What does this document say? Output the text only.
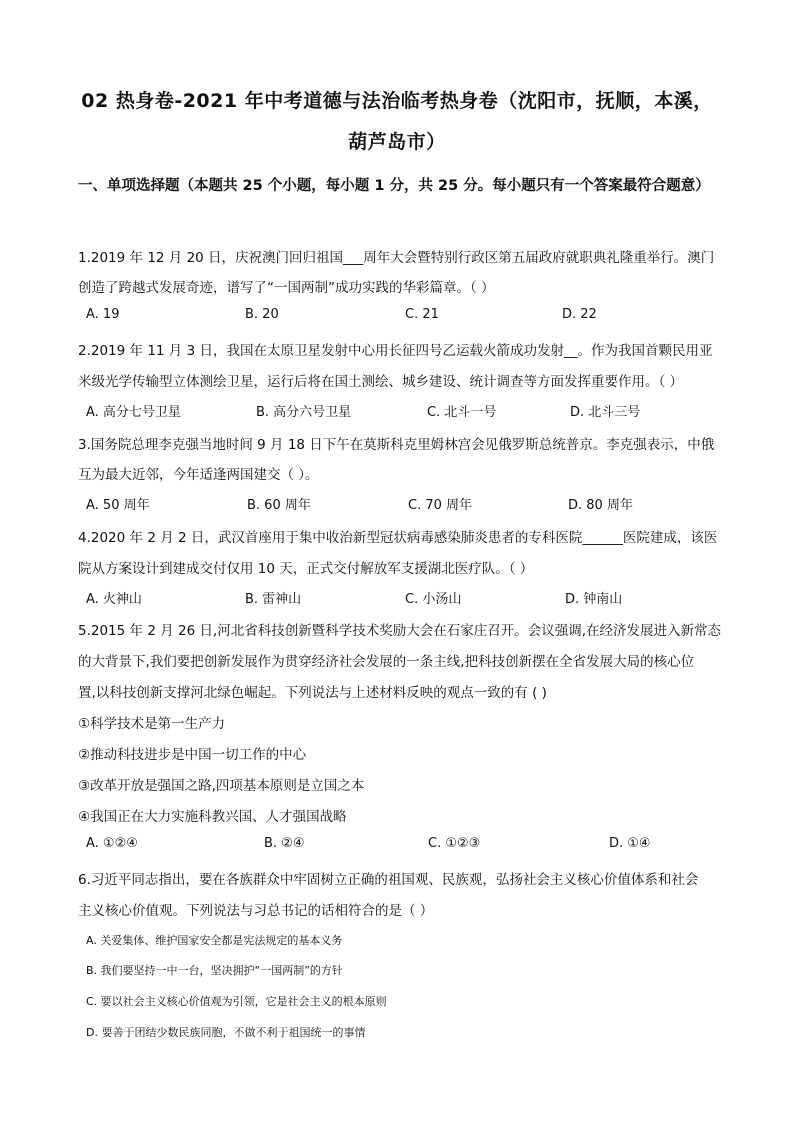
02 热身卷-2021 年中考道德与法治临考热身卷（沈阳市，抚顺，本溪，
葫芦岛市）
一、单项选择题（本题共 25 个小题，每小题 1 分，共 25 分。每小题只有一个答案最符合题意）
1.2019 年 12 月 20 日，庆祝澳门回归祖国___周年大会暨特别行政区第五届政府就职典礼隆重举行。澳门
创造了跨越式发展奇迹，谱写了“一国两制”成功实践的华彩篇章。（ ）
A. 19	B. 20	C. 21	D. 22
2.2019 年 11 月 3 日，我国在太原卫星发射中心用长征四号乙运载火箭成功发射__。作为我国首颗民用亚
米级光学传输型立体测绘卫星，运行后将在国土测绘、城乡建设、统计调查等方面发挥重要作用。（ ）
A. 高分七号卫星	B. 高分六号卫星	C. 北斗一号	D. 北斗三号
3.国务院总理李克强当地时间 9 月 18 日下午在莫斯科克里姆林宫会见俄罗斯总统普京。李克强表示，中俄
互为最大近邻，今年适逢两国建交（ ）。
A. 50 周年	B. 60 周年	C. 70 周年	D. 80 周年
4.2020 年 2 月 2 日，武汉首座用于集中收治新型冠状病毒感染肺炎患者的专科医院______医院建成，该医
院从方案设计到建成交付仅用 10 天，正式交付解放军支援湖北医疗队。（ ）
A. 火神山	B. 雷神山	C. 小汤山	D. 钟南山
5.2015 年 2 月 26 日,河北省科技创新暨科学技术奖励大会在石家庄召开。会议强调,在经济发展进入新常态
的大背景下,我们要把创新发展作为贯穿经济社会发展的一条主线,把科技创新摆在全省发展大局的核心位
置,以科技创新支撑河北绿色崛起。下列说法与上述材料反映的观点一致的有 ( )
①科学技术是第一生产力
②推动科技进步是中国一切工作的中心
③改革开放是强国之路,四项基本原则是立国之本
④我国正在大力实施科教兴国、人才强国战略
A. ①②④	B. ②④	C. ①②③	D. ①④
6.习近平同志指出，要在各族群众中牢固树立正确的祖国观、民族观，弘扬社会主义核心价值体系和社会
主义核心价值观。下列说法与习总书记的话相符合的是（ ）
A. 关爱集体、维护国家安全都是宪法规定的基本义务
B. 我们要坚持一中一台，坚决拥护“一国两制”的方针
C. 要以社会主义核心价值观为引领，它是社会主义的根本原则
D. 要善于团结少数民族同胞，不做不利于祖国统一的事情
